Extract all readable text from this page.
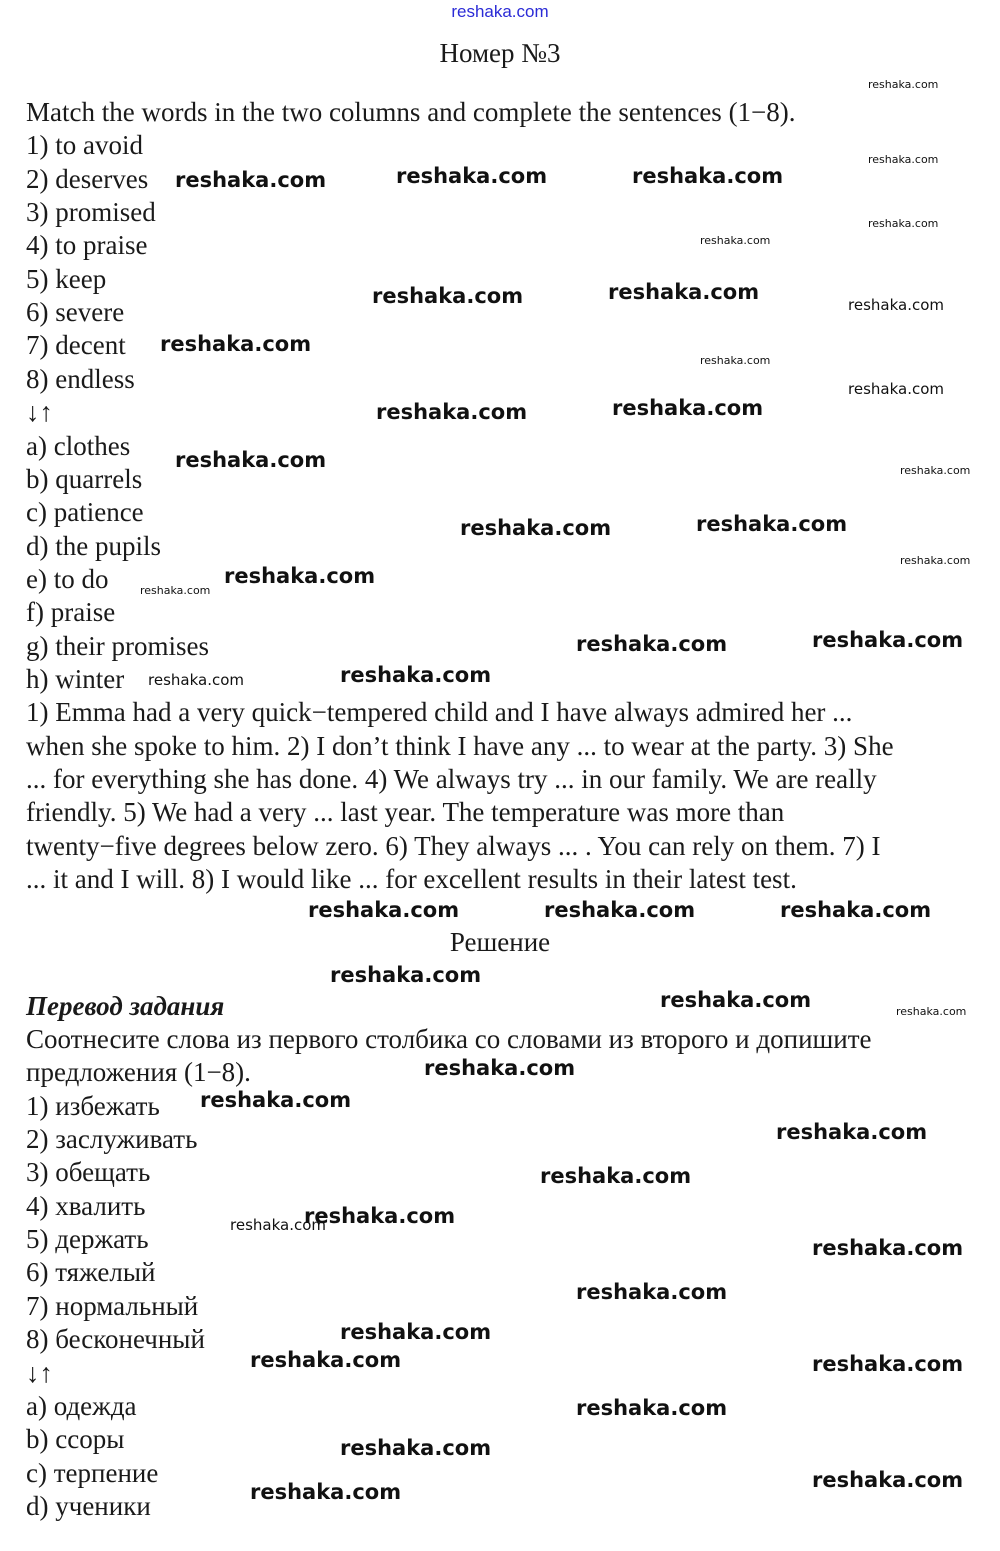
reshaka.com
Номер №3
Match the words in the two columns and complete the sentences (1−8).
1) to avoid
2) deserves
3) promised
4) to praise
5) keep
6) severe
7) decent
8) endless
↓↑
a) clothes
b) quarrels
c) patience
d) the pupils
e) to do
f) praise
g) their promises
h) winter
1) Emma had a very quick−tempered child and I have always admired her ...
when she spoke to him. 2) I don’t think I have any ... to wear at the party. 3) She
... for everything she has done. 4) We always try ... in our family. We are really
friendly. 5) We had a very ... last year. The temperature was more than
twenty−five degrees below zero. 6) They always ... . You can rely on them. 7) I
... it and I will. 8) I would like ... for excellent results in their latest test.
Решение
Перевод задания
Соотнесите слова из первого столбика со словами из второго и допишите
предложения (1−8).
1) избежать
2) заслуживать
3) обещать
4) хвалить
5) держать
6) тяжелый
7) нормальный
8) бесконечный
↓↑
a) одежда
b) ссоры
c) терпение
d) ученики
reshaka.com	reshaka.com	reshaka.com
reshaka.com	reshaka.com
reshaka.com
reshaka.com	reshaka.com
reshaka.com
reshaka.com	reshaka.com
reshaka.com
reshaka.com	reshaka.com
reshaka.com
reshaka.com	reshaka.com	reshaka.com
reshaka.com
reshaka.com
reshaka.com
reshaka.com
reshaka.com
reshaka.com
reshaka.com
reshaka.com
reshaka.com
reshaka.com
reshaka.com	reshaka.com
reshaka.com
reshaka.com
reshaka.com
reshaka.com
reshaka.com
reshaka.com
reshaka.com
reshaka.com
reshaka.com
reshaka.com
reshaka.com
reshaka.com
reshaka.com
reshaka.com
reshaka.com
reshaka.com
reshaka.com
